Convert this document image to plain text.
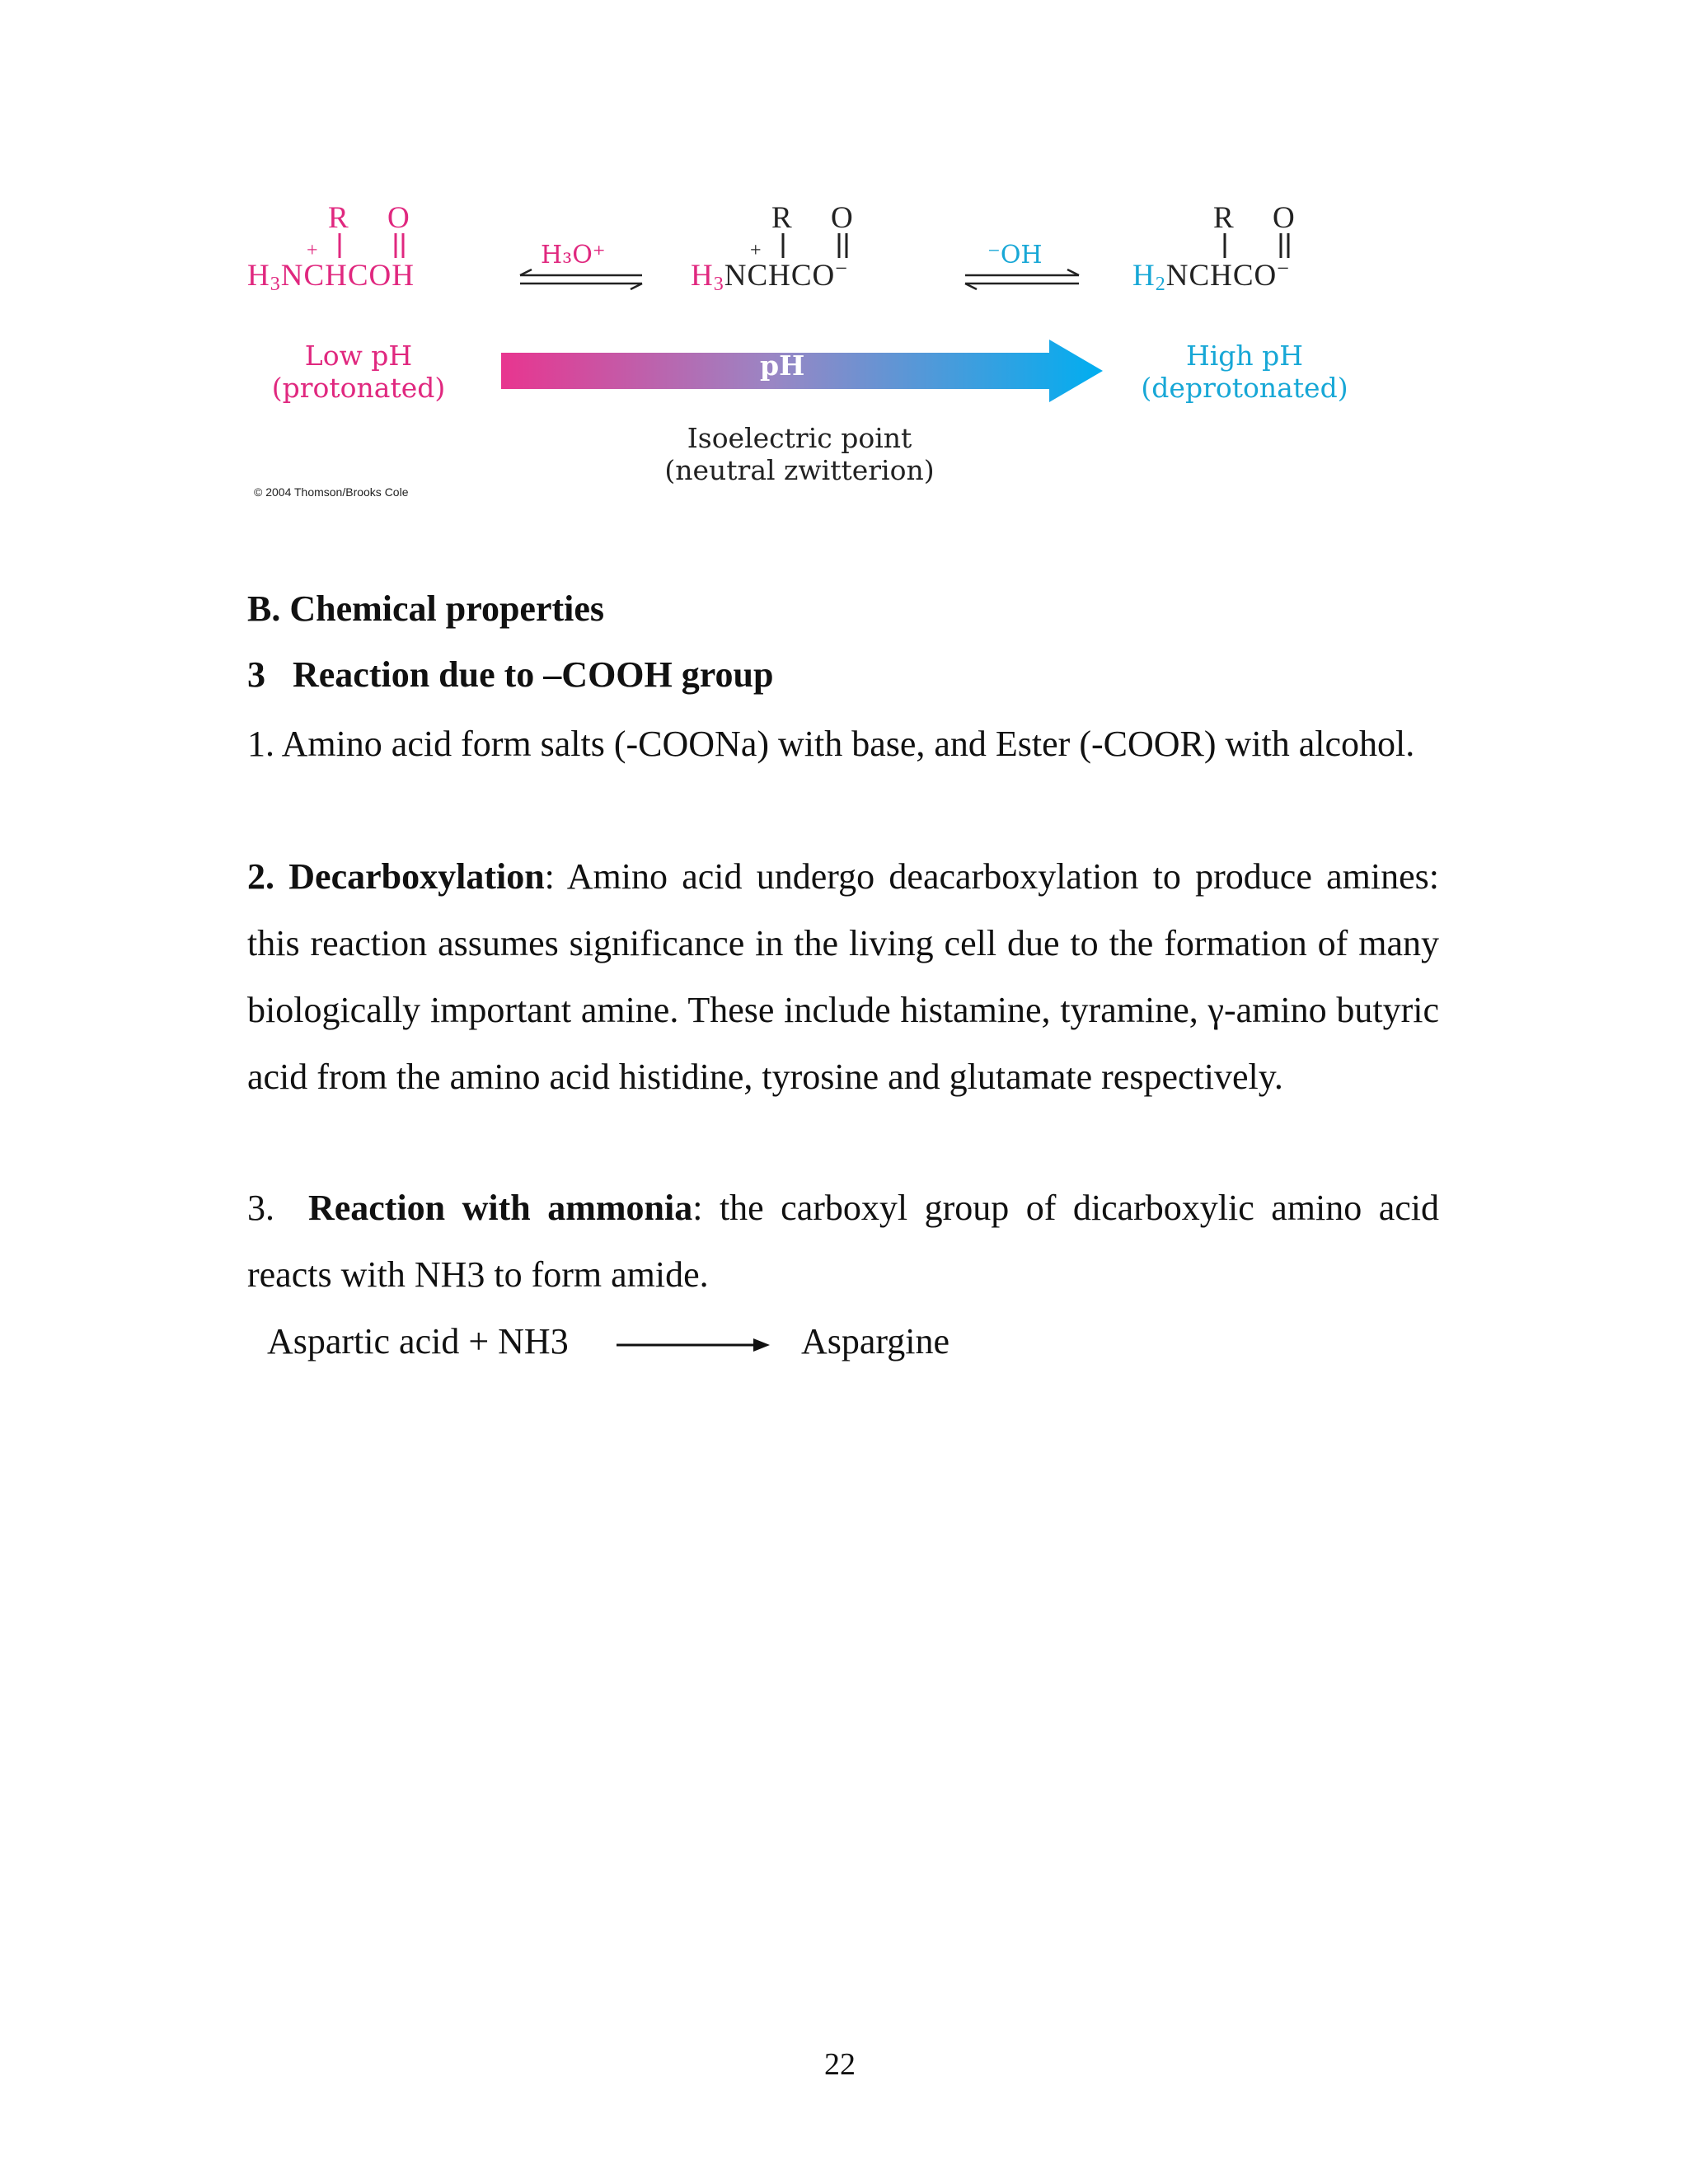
R O
+
$H_3NCHCOH$
R O
+
$H_3NCHCO^-$
R O
$H_2NCHCO^-$
H₃O⁺	⁻OH
Low pH
(protonated)
High pH
(deprotonated)
pH
Isoelectric point
(neutral zwitterion)
© 2004 Thomson/Brooks Cole
B. Chemical properties
3   Reaction due to –COOH group
1. Amino acid form salts (-COONa) with base, and Ester (-COOR) with alcohol.
2. Decarboxylation: Amino acid undergo deacarboxylation to produce amines: this reaction assumes significance in the living cell due to the formation of many biologically important amine. These include histamine, tyramine, γ-amino butyric acid from the amino acid histidine, tyrosine and glutamate respectively.
3. Reaction with ammonia: the carboxyl group of dicarboxylic amino acid reacts with NH3 to form amide.
Aspartic acid + NH3	Aspargine
22
